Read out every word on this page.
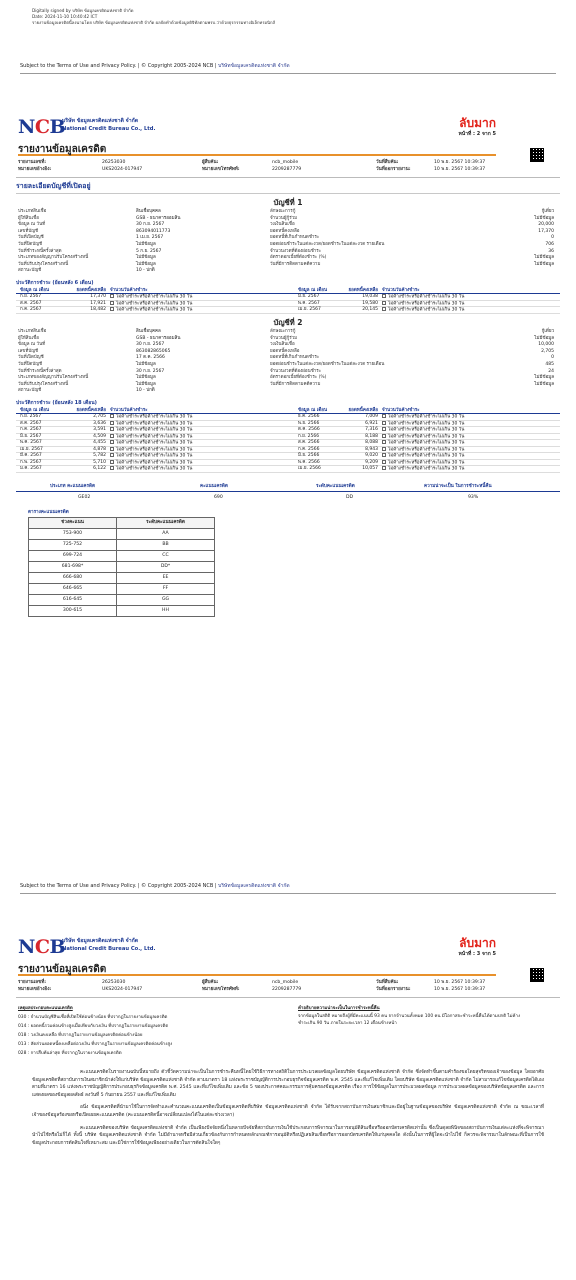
Digitally signed by บริษัท ข้อมูลเครดิตแห่งชาติ จำกัด
Date: 2024-11-10 10:40:42 ICT
รายงานข้อมูลเครดิตนี้ลงนามโดย บริษัท ข้อมูลเครดิตแห่งชาติ จำกัด ผลจัดทำด้วยข้อมูลดิจิทัลตามพรบ.ว่าด้วยธุรกรรมทางอิเล็กทรอนิกส์
Subject to the Terms of Use and Privacy Policy. | © Copyright 2005-2024 NCB | บริษัทข้อมูลเครดิตแห่งชาติ จำกัด
NCB
บริษัท ข้อมูลเครดิตแห่งชาติ จำกัด
National Credit Bureau Co., Ltd.	ลับมาก
หน้าที่ : 2 จาก 5
รายงานข้อมูลเครดิต
รายงานเลขที่:
หมายเลขอ้างอิง:
26253030
UKS2024-017947
ผู้สืบค้น:
หมายเลขโทรศัพท์:
ncb_mobile
2209287779
วันที่สืบค้น:
วันที่ออกรายงาน:
10 พ.ย. 2567 10:39:37
10 พ.ย. 2567 10:39:37
รายละเอียดบัญชีที่เปิดอยู่
บัญชีที่ 1
ประเภทสินเชื่อ	สินเชื่อบุคคล	ลักษณะการกู้	กู้เดี่ยว
ผู้ให้สินเชื่อ	GSB - ธนาคารออมสิน	จำนวนผู้กู้ร่วม	ไม่มีข้อมูล
ข้อมูล ณ วันที่	30 ก.ย. 2567	วงเงินสินเชื่อ	20,000
เลขที่บัญชี	863094011773	ยอดหนี้คงเหลือ	17,370
วันที่เปิดบัญชี	1 เม.ย. 2567	ยอดหนี้ที่เกินกำหนดชำระ	0
วันที่ปิดบัญชี	ไม่มีข้อมูล	ยอดผ่อนชำระในแต่ละงวด/ยอดชำระในแต่ละงวด รายเดือน	706
วันที่ชำระหนี้ครั้งล่าสุด	5 ก.ย. 2567	จำนวนงวดที่ต้องผ่อนชำระ	36
ประเภทของสัญญาปรับโครงสร้างหนี้	ไม่มีข้อมูล	อัตราดอกเบี้ยที่ต้องชำระ (%)	ไม่มีข้อมูล
วันที่ปรับปรุงโครงสร้างหนี้	ไม่มีข้อมูล	วันที่มีการติดตามคดีความ	ไม่มีข้อมูล
สถานะบัญชี	10 - ปกติ
ประวัติการชำระ (ย้อนหลัง 6 เดือน)
ข้อมูล ณ เดือน	ยอดหนี้คงเหลือ จำนวนวันค้างชำระ	ข้อมูล ณ เดือน	ยอดหนี้คงเหลือ จำนวนวันค้างชำระ
ก.ย. 2567	17,370	ไม่ค้างชำระหรือค้างชำระไม่เกิน 30 วัน	มิ.ย. 2567	19,038	ไม่ค้างชำระหรือค้างชำระไม่เกิน 30 วัน
ส.ค. 2567	17,921	ไม่ค้างชำระหรือค้างชำระไม่เกิน 30 วัน	พ.ค. 2567	19,580	ไม่ค้างชำระหรือค้างชำระไม่เกิน 30 วัน
ก.ค. 2567	18,482	ไม่ค้างชำระหรือค้างชำระไม่เกิน 30 วัน	เม.ย. 2567	20,145	ไม่ค้างชำระหรือค้างชำระไม่เกิน 30 วัน
บัญชีที่ 2
ประเภทสินเชื่อ	สินเชื่อบุคคล	ลักษณะการกู้	กู้เดี่ยว
ผู้ให้สินเชื่อ	GSB - ธนาคารออมสิน	จำนวนผู้กู้ร่วม	ไม่มีข้อมูล
ข้อมูล ณ วันที่	30 ก.ย. 2567	วงเงินสินเชื่อ	10,000
เลขที่บัญชี	863082865065	ยอดหนี้คงเหลือ	2,705
วันที่เปิดบัญชี	17 ต.ค. 2566	ยอดหนี้ที่เกินกำหนดชำระ	0
วันที่ปิดบัญชี	ไม่มีข้อมูล	ยอดผ่อนชำระในแต่ละงวด/ยอดชำระในแต่ละงวด รายเดือน	485
วันที่ชำระหนี้ครั้งล่าสุด	30 ก.ย. 2567	จำนวนงวดที่ต้องผ่อนชำระ	24
ประเภทของสัญญาปรับโครงสร้างหนี้	ไม่มีข้อมูล	อัตราดอกเบี้ยที่ต้องชำระ (%)	ไม่มีข้อมูล
วันที่ปรับปรุงโครงสร้างหนี้	ไม่มีข้อมูล	วันที่มีการติดตามคดีความ	ไม่มีข้อมูล
สถานะบัญชี	10 - ปกติ
ประวัติการชำระ (ย้อนหลัง 18 เดือน)
ข้อมูล ณ เดือน	ยอดหนี้คงเหลือ จำนวนวันค้างชำระ	ข้อมูล ณ เดือน	ยอดหนี้คงเหลือ จำนวนวันค้างชำระ
ก.ย. 2567	2,705	ไม่ค้างชำระหรือค้างชำระไม่เกิน 30 วัน	ธ.ค. 2566	7,009	ไม่ค้างชำระหรือค้างชำระไม่เกิน 30 วัน
ส.ค. 2567	3,636	ไม่ค้างชำระหรือค้างชำระไม่เกิน 30 วัน	พ.ย. 2566	6,921	ไม่ค้างชำระหรือค้างชำระไม่เกิน 30 วัน
ก.ค. 2567	3,591	ไม่ค้างชำระหรือค้างชำระไม่เกิน 30 วัน	ต.ค. 2566	7,316	ไม่ค้างชำระหรือค้างชำระไม่เกิน 30 วัน
มิ.ย. 2567	4,509	ไม่ค้างชำระหรือค้างชำระไม่เกิน 30 วัน	ก.ย. 2566	8,188	ไม่ค้างชำระหรือค้างชำระไม่เกิน 30 วัน
พ.ค. 2567	4,455	ไม่ค้างชำระหรือค้างชำระไม่เกิน 30 วัน	ส.ค. 2566	8,088	ไม่ค้างชำระหรือค้างชำระไม่เกิน 30 วัน
เม.ย. 2567	4,878	ไม่ค้างชำระหรือค้างชำระไม่เกิน 30 วัน	ก.ค. 2566	8,943	ไม่ค้างชำระหรือค้างชำระไม่เกิน 30 วัน
มี.ค. 2567	5,782	ไม่ค้างชำระหรือค้างชำระไม่เกิน 30 วัน	มิ.ย. 2566	9,020	ไม่ค้างชำระหรือค้างชำระไม่เกิน 30 วัน
ก.พ. 2567	5,710	ไม่ค้างชำระหรือค้างชำระไม่เกิน 30 วัน	พ.ค. 2566	9,209	ไม่ค้างชำระหรือค้างชำระไม่เกิน 30 วัน
ม.ค. 2567	6,122	ไม่ค้างชำระหรือค้างชำระไม่เกิน 30 วัน	เม.ย. 2566	10,057	ไม่ค้างชำระหรือค้างชำระไม่เกิน 30 วัน
ประเภท คะแนนเครดิต	คะแนนเครดิต	ระดับคะแนนเครดิต	ความน่าจะเป็น ในการชำระหนี้คืน
GE02	690	DD	93%
ตารางคะแนนเครดิต
ช่วงคะแนน	ระดับคะแนนเครดิต
753-900	AA
725-752	BB
699-724	CC
681-698*	DD*
666-680	EE
646-665	FF
616-645	GG
300-615	HH
Subject to the Terms of Use and Privacy Policy. | © Copyright 2005-2024 NCB | บริษัทข้อมูลเครดิตแห่งชาติ จำกัด
NCB
บริษัท ข้อมูลเครดิตแห่งชาติ จำกัด
National Credit Bureau Co., Ltd.	ลับมาก
หน้าที่ : 3 จาก 5
รายงานข้อมูลเครดิต
รายงานเลขที่:
หมายเลขอ้างอิง:
26253030
UKS2024-017947
ผู้สืบค้น:
หมายเลขโทรศัพท์:
ncb_mobile
2209287779
วันที่สืบค้น:
วันที่ออกรายงาน:
10 พ.ย. 2567 10:39:37
10 พ.ย. 2567 10:39:37
เหตุผลประกอบคะแนนเครดิต	คำอธิบายความน่าจะเป็นในการชำระหนี้คืน
030 : จำนวนบัญชีสินเชื่อที่เปิดใช้ค่อนข้างน้อย ที่ปรากฏในรายงานข้อมูลเครดิต
014 : ยอดหนี้รวมค่อนข้างสูงเมื่อเทียบกับวงเงิน ที่ปรากฏในรายงานข้อมูลเครดิต
018 : วงเงินคงเหลือ ที่ปรากฏในรายงานข้อมูลเครดิตค่อนข้างน้อย
013 : สัดส่วนยอดหนี้คงเหลือต่อวงเงิน ที่ปรากฏในรายงานข้อมูลเครดิตค่อนข้างสูง
028 : การสืบค้นล่าสุด ที่ปรากฏในรายงานข้อมูลเครดิต
จากข้อมูลในสถิติ หมายถึงผู้ที่มีคะแนนนี้ 93 คน จากจำนวนทั้งหมด 100 คน มีโอกาสจะชำระหนี้คืนได้ตามปกติ ไม่ค้างชำระเกิน 90 วัน ภายในระยะเวลา 12 เดือนข้างหน้า

คะแนนเครดิตในรายงานฉบับนี้หมายถึง ตัวชี้วัดความน่าจะเป็นในการชำระคืนหนี้โดยใช้วิธีการทางสถิติในการประมวลผลข้อมูลโดยบริษัท ข้อมูลเครดิตแห่งชาติ จำกัด ซึ่งจัดทำขึ้นตามคำร้องขอโดยสุจริตของเจ้าของข้อมูล โดยอาศัยข้อมูลเครดิตที่สถาบันการเงินสมาชิกนำส่งให้แก่บริษัท ข้อมูลเครดิตแห่งชาติ จำกัด ตามมาตรา 18 แห่งพระราชบัญญัติการประกอบธุรกิจข้อมูลเครดิต พ.ศ. 2545 และที่แก้ไขเพิ่มเติม โดยบริษัท ข้อมูลเครดิตแห่งชาติ จำกัด ไม่สามารถแก้ไขข้อมูลเครดิตได้เองตามที่มาตรา 16 แห่งพระราชบัญญัติการประกอบธุรกิจข้อมูลเครดิต พ.ศ. 2545 และที่แก้ไขเพิ่มเติม และข้อ 5 ของประกาศคณะกรรมการคุ้มครองข้อมูลเครดิต เรื่อง การใช้ข้อมูลในการประมวลผลข้อมูล การประมวลผลข้อมูลของบริษัทข้อมูลเครดิต และการแสดงผลของข้อมูลผลลัพธ์ ลงวันที่ 5 กันยายน 2557 และที่แก้ไขเพิ่มเติม

อนึ่ง ข้อมูลเครดิตที่นำมาใช้ในการจัดทำและคำนวณคะแนนเครดิตเป็นข้อมูลเครดิตที่บริษัท ข้อมูลเครดิตแห่งชาติ จำกัด ได้รับจากสถาบันการเงินสมาชิกและมีอยู่ในฐานข้อมูลของบริษัท ข้อมูลเครดิตแห่งชาติ จำกัด ณ ขณะเวลาที่เจ้าของข้อมูลร้องขอหรือเปิดเผยคะแนนเครดิต (คะแนนเครดิตนี้อาจเปลี่ยนแปลงได้ในแต่ละช่วงเวลา)

คะแนนเครดิตของบริษัท ข้อมูลเครดิตแห่งชาติ จำกัด เป็นเพียงปัจจัยหนึ่งในหลายปัจจัยที่สถาบันการเงินใช้ประกอบการพิจารณาในการอนุมัติสินเชื่อหรือออกบัตรเครดิตเท่านั้น ซึ่งเป็นดุลยพินิจของสถาบันการเงินแต่ละแห่งที่จะพิจารณานำไปใช้หรือไม่ก็ได้ ทั้งนี้ บริษัท ข้อมูลเครดิตแห่งชาติ จำกัด ไม่มีอำนาจหรือมีส่วนเกี่ยวข้องกับการกำหนดหลักเกณฑ์การอนุมัติหรือปฏิเสธสินเชื่อหรือการออกบัตรเครดิตให้แก่บุคคลใด ดังนั้นในการที่ผู้ใดจะนำไปใช้ ก็ควรจะพิจารณาในลักษณะที่เป็นการใช้ข้อมูลประกอบการตัดสินใจที่เหมาะสม และมิใช่การใช้ข้อมูลเพียงอย่างเดียวในการตัดสินใจใดๆ
